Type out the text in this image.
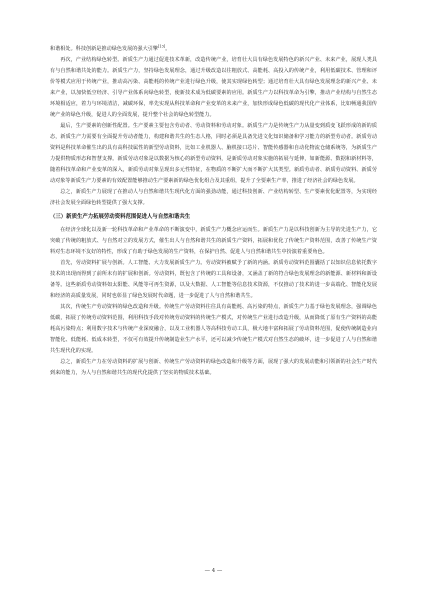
和谐相处。科技创新是推动绿色发展的强大引擎[13]。

再次，产业结构绿色转型。新质生产力通过促进技术革新，改造传统产业，培育壮大具有绿色发展特色的新兴产业、未来产业，展现人类具有与自然和谐共处的能力。新质生产力，坚持绿色发展理念，通过升级改造以往粗放式、高能耗、高投入的传统产业，利用低碳技术、管理和评价等模式应用于传统产业，推动高污染、高能耗的传统产业进行绿色升级，使其实现绿色转型；通过培育壮大具有绿色发展理念的新兴产业、未来产业，以加快低空经济、引导产业体系向绿色转型，使新技术成为低碳要素的应用。新质生产力以科技革命为引擎，推动产业结构与自然生态环境相适应，着力与环境清洁，减碳环保，率先实现从科技革命和产业变革的未来产业，加快形成绿色低碳的现代化产业体系，比如畅通我国传统产业的绿色升级，促进人的全面发展，提升整个社会的绿色转型能力。

最后，生产要素的创新性配置。生产要素主要包含劳动者、劳动资料和劳动对象。新质生产力是传统生产力从量变到质变飞跃形成的新的质态，新质生产力需要有全面提升劳动者能力，构建和谐共生的生态人格，同时必须是具备先进文化知识储备和学习能力的新型劳动者。新质劳动资料是科技革命催生出的具有高科技属性的新型劳动资料，比如工业机器人、脑机接口芯片、智能传感器和自动化物流仓储系统等，为新质生产力提供物质形态和智慧支撑。新质劳动对象是以数据为核心的新型劳动资料，是新质劳动对象实施的拓展与延伸，如新能源、数据和新材料等，随着科技革命和产业变革的深入，新质劳动对象呈现出多元性特征，在物质的不断扩大而不断扩大其类型。新质劳动者、新质劳动资料、新质劳动对象等新质生产力要素的有效配置能够推动生产要素新的绿色优化组合及其重组，提升了全要素生产率，推进了经济社会的绿色发展。

总之，新质生产力展现了在推动人与自然和谐共生现代化方面的强劲动能，通过科技创新、产业结构转型、生产要素优化配置等，为实现经济社会发展全面绿色转型提供了强大支撑。

（三）新质生产力拓展劳动资料范围促进人与自然和谐共生

在经济全球化以及新一轮科技革命和产业革命的不断演变中，新质生产力概念应运而生。新质生产力是以科技创新为主导的先进生产力，它突破了传统的粗放式、与自然对立的发展方式，催生出人与自然和谐共生的新质生产资料，拓展和优化了传统生产资料范围，改善了传统生产资料对生态环境不友好的特性，形成了有助于绿色发展的生产资料，在保护自然、促进人与自然和谐共生中扮演着重要角色。

首先，劳动资料扩展与创新。人工智能、大力发展新质生产力。劳动资料被赋予了新的内涵。新质劳动资料范围囊括了以知识信息依托数字技术的出现而得到了前所未有的扩展和创新。劳动资料，既包含了传统的工具和设备，又涵盖了新的符合绿色发展理念的新能源、新材料和新设备等。这些新质劳动资料如太阳能、风能等可再生资源，以及大数据、人工智能等信息技术资源，不仅推动了技术的进一步高端化、智能化发展和经济的高质量发展，同时也彰显了绿色发展时代命题，进一步促进了人与自然和谐共生。

其次，传统生产劳动资料的绿色改造和升级。传统生产劳动资料往往具有高能耗、高污染的特点，新质生产力基于绿色发展理念，强调绿色低碳，拓展了传统劳动资料范围，利用科技手段对传统劳动资料的传统生产模式，对传统生产业进行改造升级，从而降低了原有生产资料的高能耗高污染特点；利用数字技术与传统产业深度融合，以及工业机器人等高科技劳动工具，极大地丰富和拓展了劳动资料范围，促使传统制造业向智能化、低能耗、低成本转型，不仅可有效提升传统制造业生产水平，还可以减少传统生产模式对自然生态的破坏，进一步促进了人与自然和谐共生现代化的实现。

总之，新质生产力在劳动资料的扩展与创新、传统生产劳动资料的绿色改造和升级等方面，展现了强大的发展动能和引领新的社会生产时代到来的能力，为人与自然和谐共生的现代化提供了坚实的物质技术基础。

— 4 —
